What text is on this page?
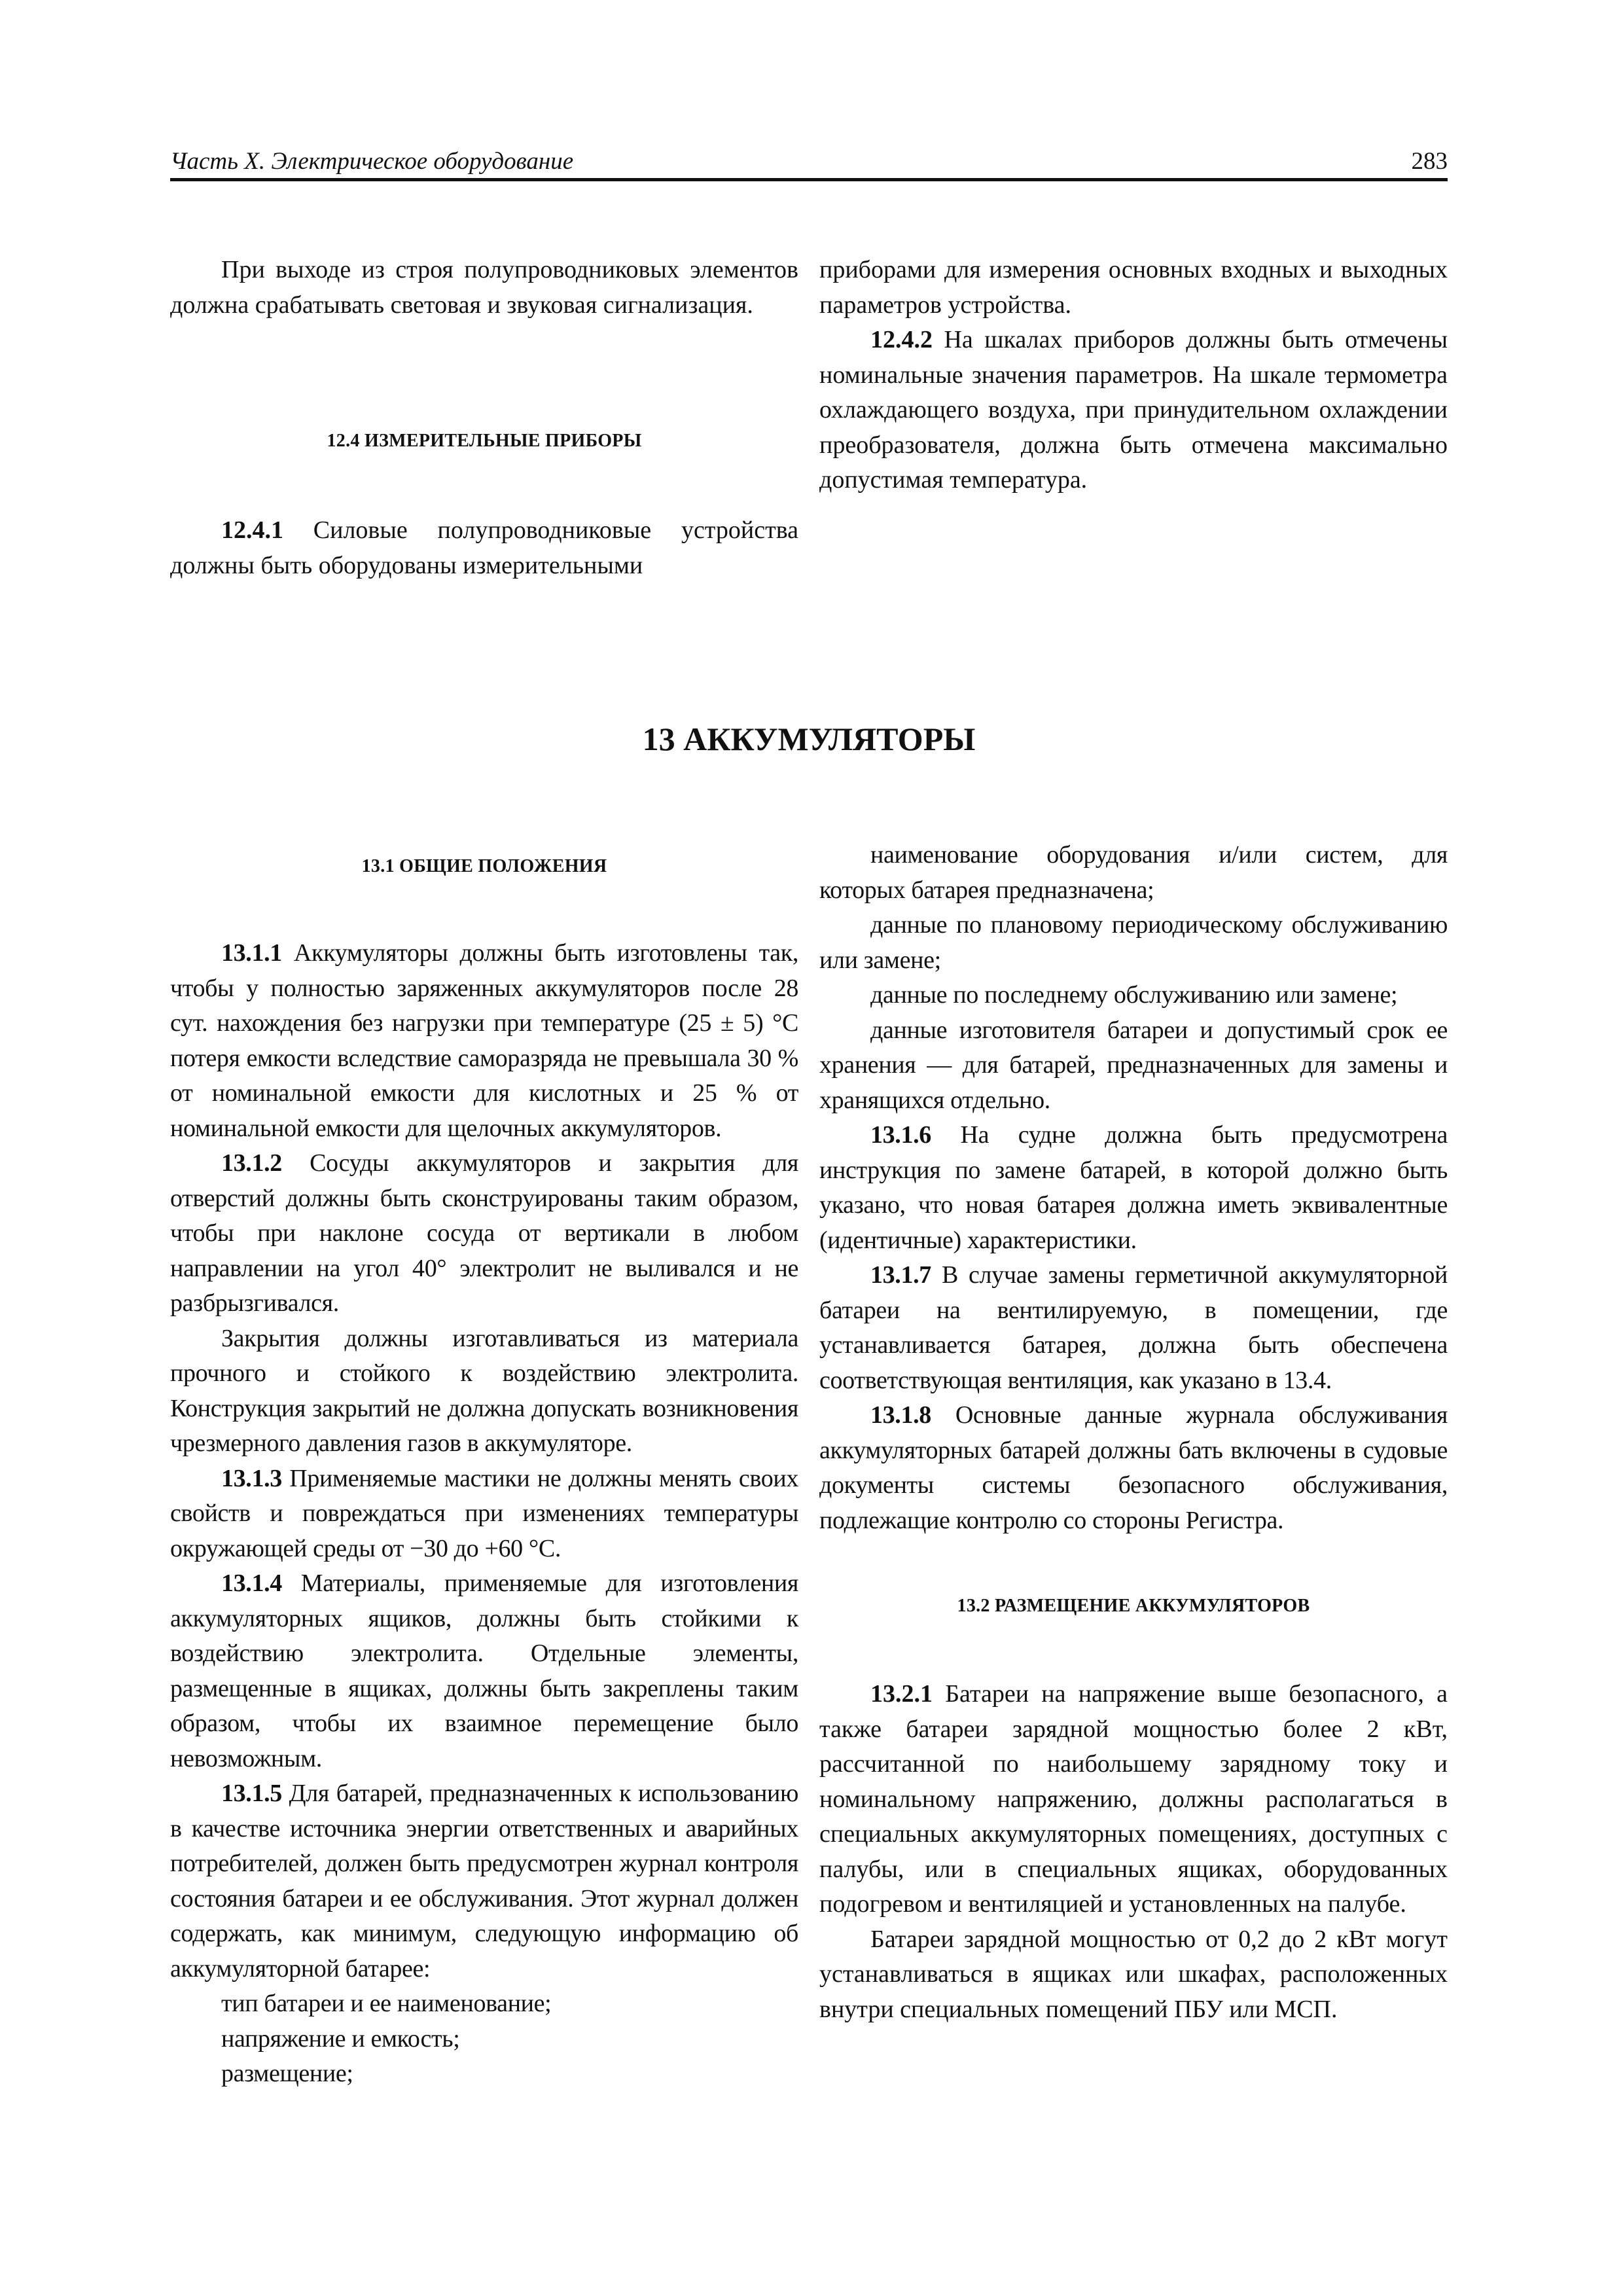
Часть X. Электрическое оборудование	283

При выходе из строя полупроводниковых элементов должна срабатывать световая и звуковая сигнализация.

12.4 ИЗМЕРИТЕЛЬНЫЕ ПРИБОРЫ

12.4.1 Силовые полупроводниковые устройства должны быть оборудованы измерительными

приборами для измерения основных входных и выходных параметров устройства.

12.4.2 На шкалах приборов должны быть отмечены номинальные значения параметров. На шкале термометра охлаждающего воздуха, при принудительном охлаждении преобразователя, должна быть отмечена максимально допустимая температура.

13 АККУМУЛЯТОРЫ
13.1 ОБЩИЕ ПОЛОЖЕНИЯ

13.1.1 Аккумуляторы должны быть изготовлены так, чтобы у полностью заряженных аккумуляторов после 28 сут. нахождения без нагрузки при температуре (25 ± 5) °C потеря емкости вследствие саморазряда не превышала 30 % от номинальной емкости для кислотных и 25 % от номинальной емкости для щелочных аккумуляторов.

13.1.2 Сосуды аккумуляторов и закрытия для отверстий должны быть сконструированы таким образом, чтобы при наклоне сосуда от вертикали в любом направлении на угол 40° электролит не выливался и не разбрызгивался.

Закрытия должны изготавливаться из материала прочного и стойкого к воздействию электролита. Конструкция закрытий не должна допускать возникновения чрезмерного давления газов в аккумуляторе.

13.1.3 Применяемые мастики не должны менять своих свойств и повреждаться при изменениях температуры окружающей среды от −30 до +60 °C.

13.1.4 Материалы, применяемые для изготовления аккумуляторных ящиков, должны быть стойкими к воздействию электролита. Отдельные элементы, размещенные в ящиках, должны быть закреплены таким образом, чтобы их взаимное перемещение было невозможным.

13.1.5 Для батарей, предназначенных к использованию в качестве источника энергии ответственных и аварийных потребителей, должен быть предусмотрен журнал контроля состояния батареи и ее обслуживания. Этот журнал должен содержать, как минимум, следующую информацию об аккумуляторной батарее:

тип батареи и ее наименование;

напряжение и емкость;

размещение;

наименование оборудования и/или систем, для которых батарея предназначена;

данные по плановому периодическому обслуживанию или замене;

данные по последнему обслуживанию или замене;

данные изготовителя батареи и допустимый срок ее хранения — для батарей, предназначенных для замены и хранящихся отдельно.

13.1.6 На судне должна быть предусмотрена инструкция по замене батарей, в которой должно быть указано, что новая батарея должна иметь эквивалентные (идентичные) характеристики.

13.1.7 В случае замены герметичной аккумуляторной батареи на вентилируемую, в помещении, где устанавливается батарея, должна быть обеспечена соответствующая вентиляция, как указано в 13.4.

13.1.8 Основные данные журнала обслуживания аккумуляторных батарей должны бать включены в судовые документы системы безопасного обслуживания, подлежащие контролю со стороны Регистра.

13.2 РАЗМЕЩЕНИЕ АККУМУЛЯТОРОВ

13.2.1 Батареи на напряжение выше безопасного, а также батареи зарядной мощностью более 2 кВт, рассчитанной по наибольшему зарядному току и номинальному напряжению, должны располагаться в специальных аккумуляторных помещениях, доступных с палубы, или в специальных ящиках, оборудованных подогревом и вентиляцией и установленных на палубе.

Батареи зарядной мощностью от 0,2 до 2 кВт могут устанавливаться в ящиках или шкафах, расположенных внутри специальных помещений ПБУ или МСП.
